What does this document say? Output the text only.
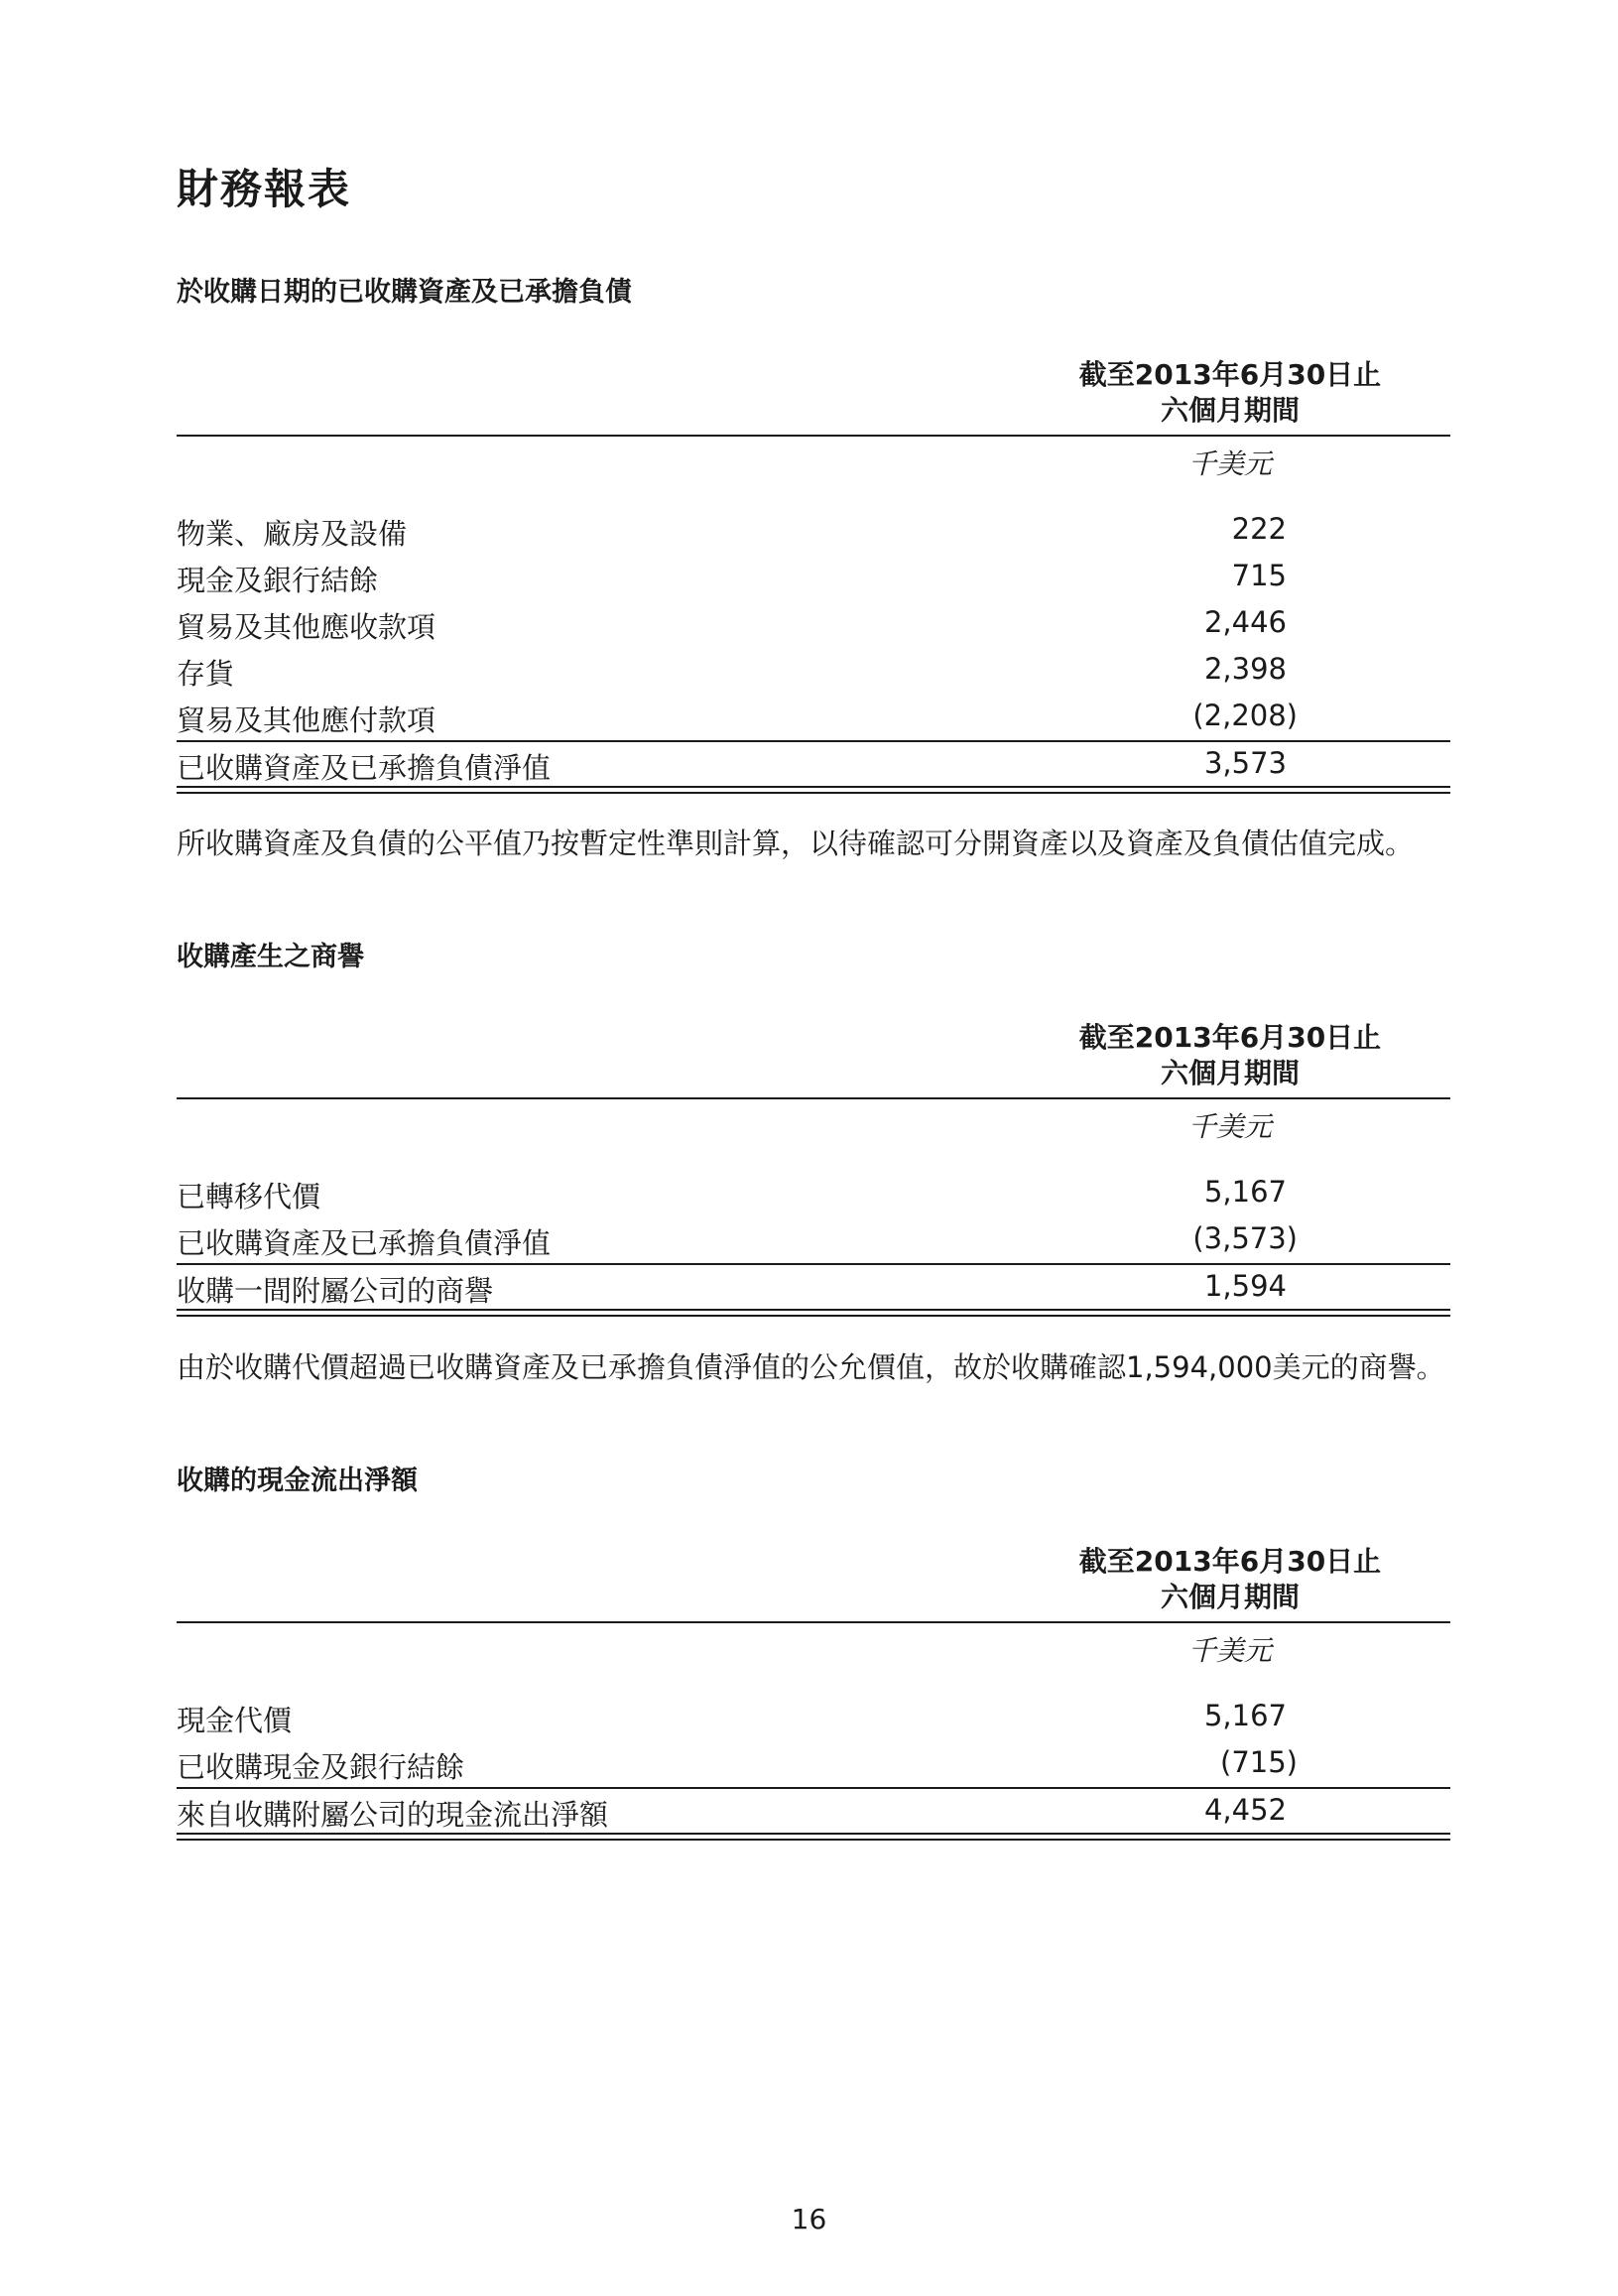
財務報表
於收購日期的已收購資產及已承擔負債
截至2013年6月30日止
六個月期間
千美元
物業、廠房及設備	222
現金及銀行結餘	715
貿易及其他應收款項	2,446
存貨	2,398
貿易及其他應付款項	(2,208)
已收購資產及已承擔負債淨值	3,573

所收購資產及負債的公平值乃按暫定性準則計算，以待確認可分開資產以及資產及負債估值完成。

收購產生之商譽
截至2013年6月30日止
六個月期間
千美元
已轉移代價	5,167
已收購資產及已承擔負債淨值	(3,573)
收購一間附屬公司的商譽	1,594

由於收購代價超過已收購資產及已承擔負債淨值的公允價值，故於收購確認1,594,000美元的商譽。

收購的現金流出淨額
截至2013年6月30日止
六個月期間
千美元
現金代價	5,167
已收購現金及銀行結餘	(715)
來自收購附屬公司的現金流出淨額	4,452
16
